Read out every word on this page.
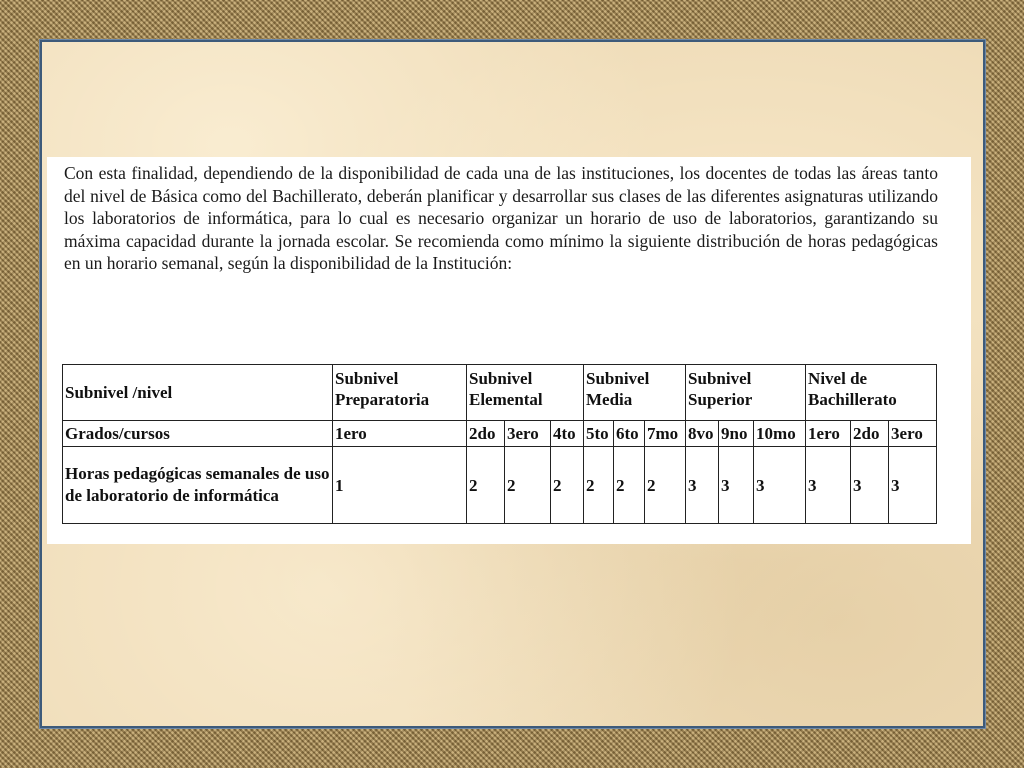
Con esta finalidad, dependiendo de la disponibilidad de cada una de las instituciones, los docentes de todas las áreas tanto del nivel de Básica como del Bachillerato, deberán planificar y desarrollar sus clases de las diferentes asignaturas utilizando los laboratorios de informática, para lo cual es necesario organizar un horario de uso de laboratorios, garantizando su máxima capacidad durante la jornada escolar. Se recomienda como mínimo la siguiente distribución de horas pedagógicas en un horario semanal, según la disponibilidad de la Institución:

Subnivel /nivel	Subnivel Preparatoria	Subnivel Elemental			Subnivel Media			Subnivel Superior			Nivel de Bachillerato		
Grados/cursos	1ero	2do	3ero	4to	5to	6to	7mo	8vo	9no	10mo	1ero	2do	3ero
Horas pedagógicas semanales de uso de laboratorio de informática	1	2	2	2	2	2	2	3	3	3	3	3	3
